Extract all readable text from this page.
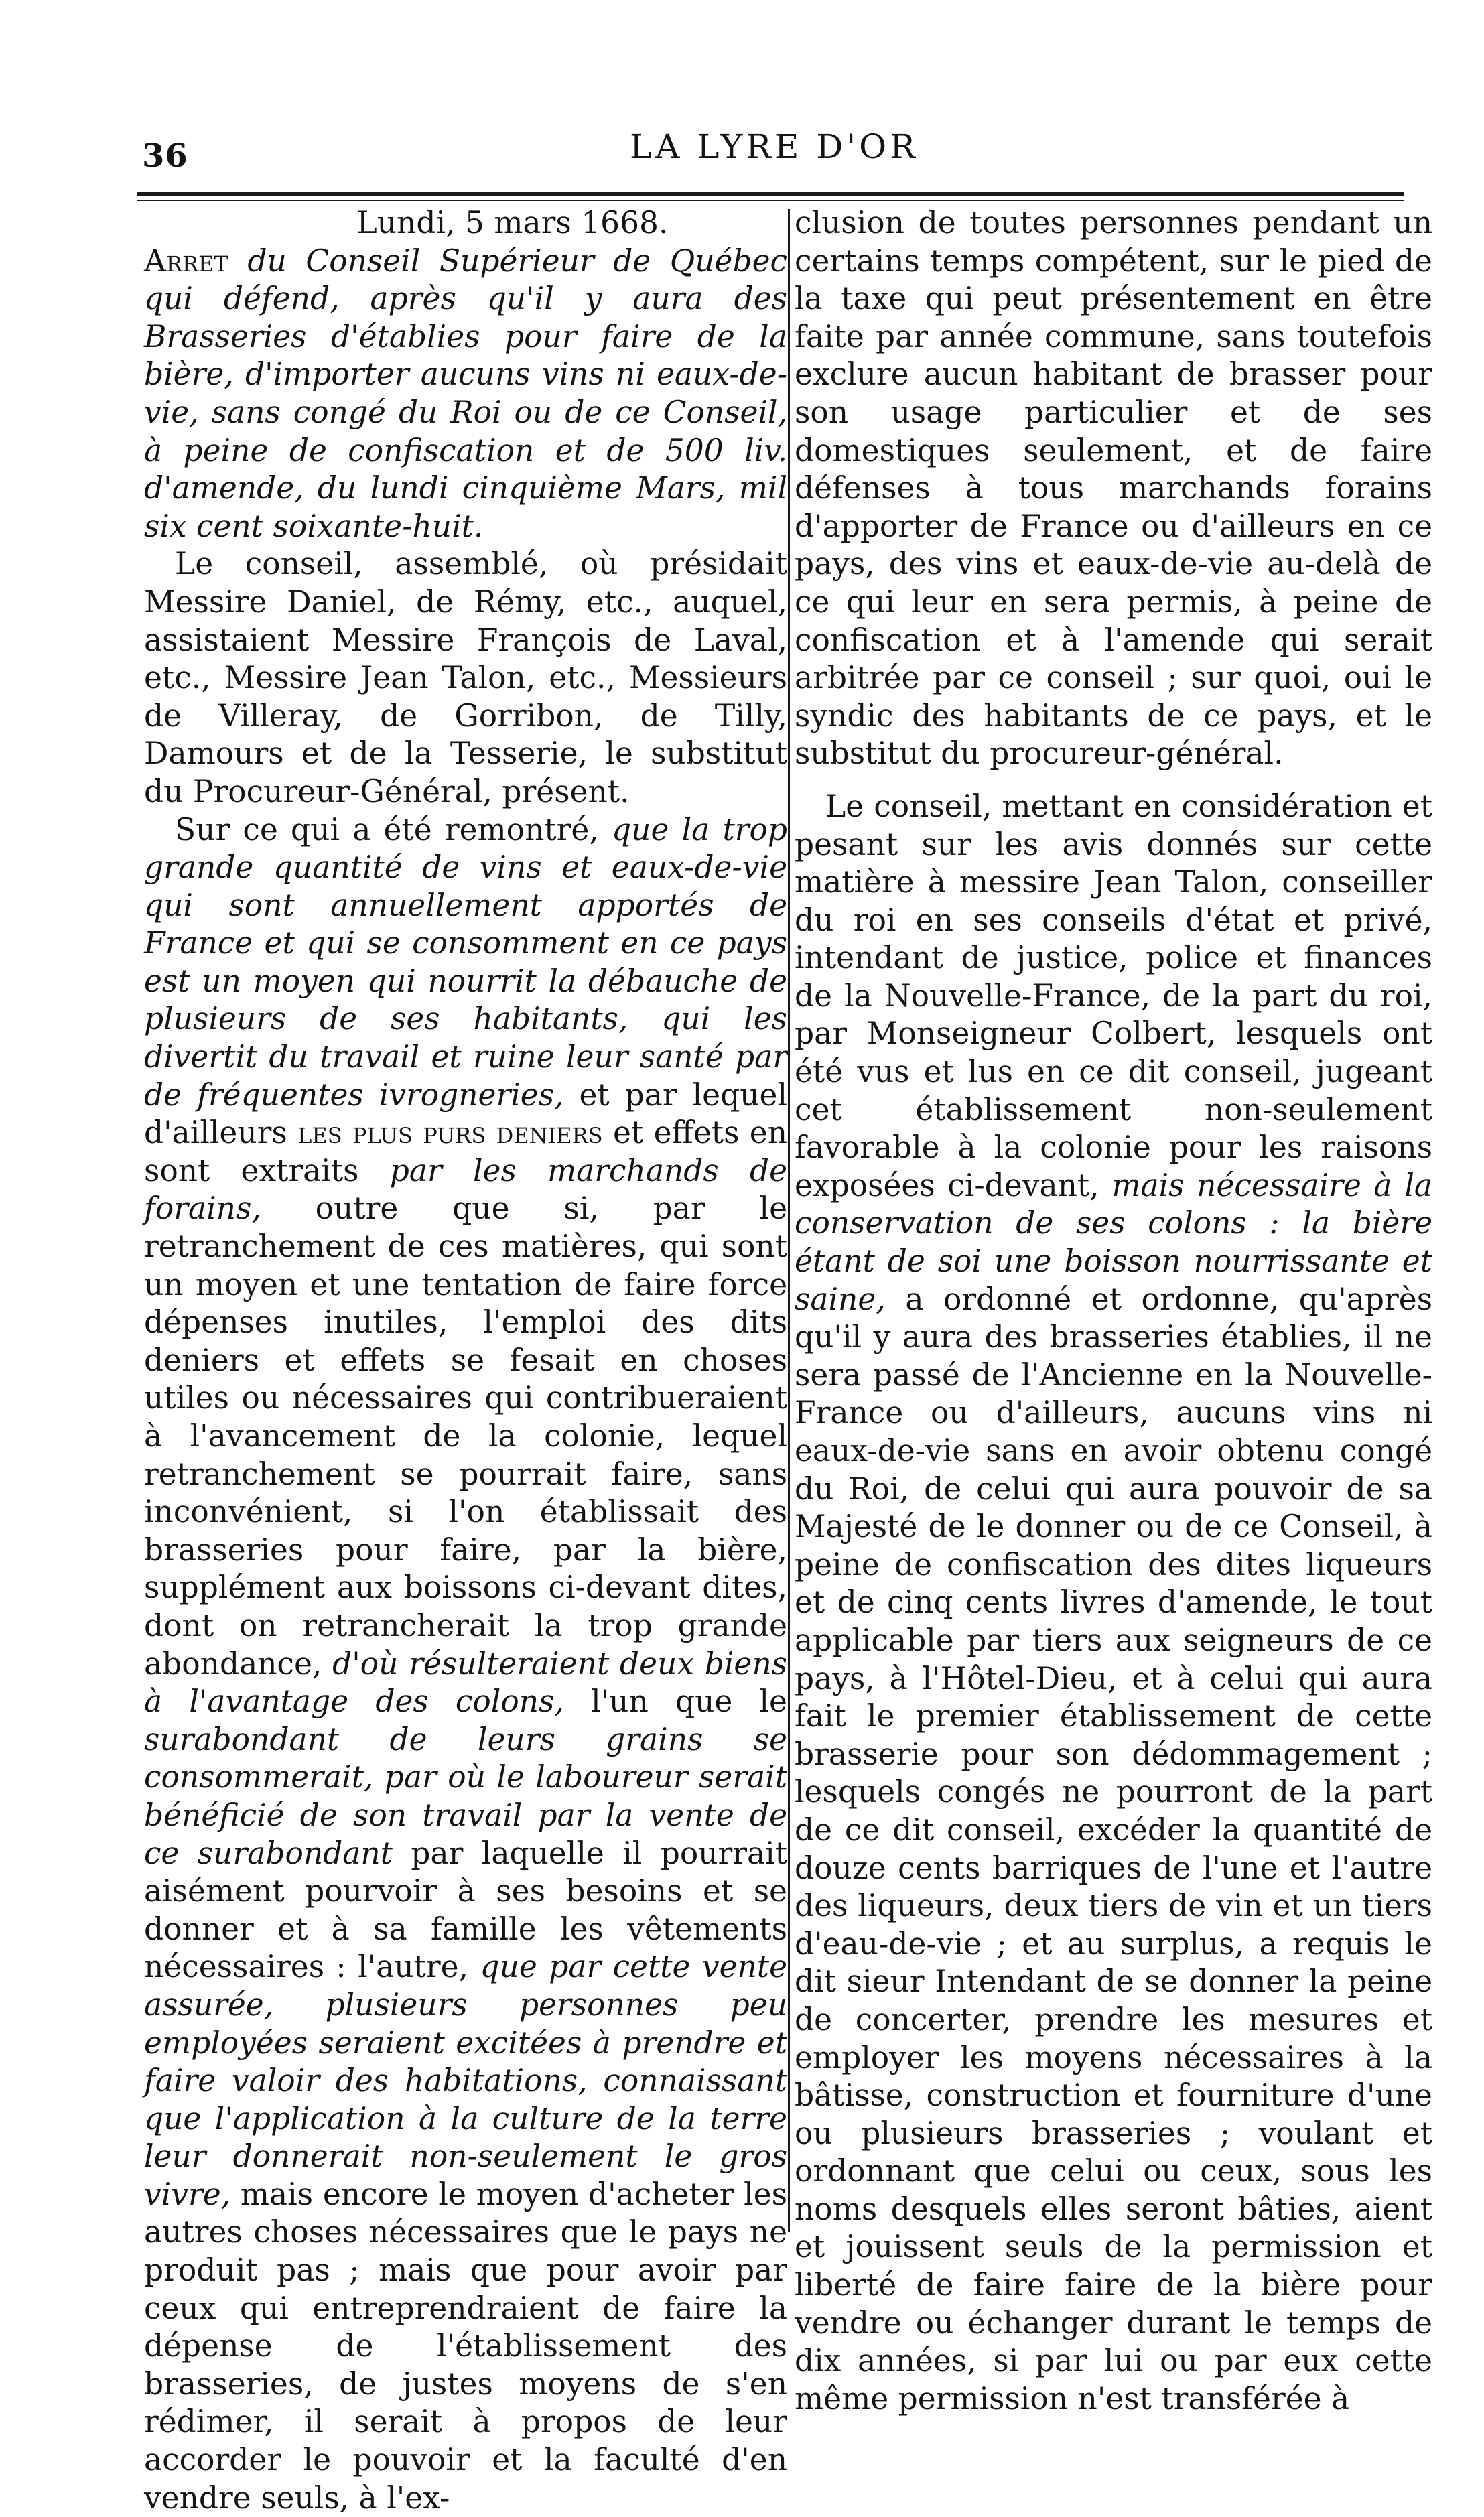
36	LA LYRE D'OR

Lundi, 5 mars 1668.

Arret du Conseil Supérieur de Québec qui défend, après qu'il y aura des Brasseries d'établies pour faire de la bière, d'importer aucuns vins ni eaux-de-vie, sans congé du Roi ou de ce Conseil, à peine de confiscation et de 500 liv. d'amende, du lundi cinquième Mars, mil six cent soixante-huit.

Le conseil, assemblé, où présidait Messire Daniel, de Rémy, etc., auquel, assistaient Messire François de Laval, etc., Messire Jean Talon, etc., Messieurs de Villeray, de Gorribon, de Tilly, Damours et de la Tesserie, le substitut du Procureur-Général, présent.

Sur ce qui a été remontré, que la trop grande quantité de vins et eaux-de-vie qui sont annuellement apportés de France et qui se consomment en ce pays est un moyen qui nourrit la débauche de plusieurs de ses habitants, qui les divertit du travail et ruine leur santé par de fréquentes ivrogneries, et par lequel d'ailleurs les plus purs deniers et effets en sont extraits par les marchands de forains, outre que si, par le retranchement de ces matières, qui sont un moyen et une tentation de faire force dépenses inutiles, l'emploi des dits deniers et effets se fesait en choses utiles ou nécessaires qui contribueraient à l'avancement de la colonie, lequel retranchement se pourrait faire, sans inconvénient, si l'on établissait des brasseries pour faire, par la bière, supplément aux boissons ci-devant dites, dont on retrancherait la trop grande abondance, d'où résulteraient deux biens à l'avantage des colons, l'un que le surabondant de leurs grains se consommerait, par où le laboureur serait bénéficié de son travail par la vente de ce surabondant par laquelle il pourrait aisément pourvoir à ses besoins et se donner et à sa famille les vêtements nécessaires : l'autre, que par cette vente assurée, plusieurs personnes peu employées seraient excitées à prendre et faire valoir des habitations, connaissant que l'application à la culture de la terre leur donnerait non-seulement le gros vivre, mais encore le moyen d'acheter les autres choses nécessaires que le pays ne produit pas ; mais que pour avoir par ceux qui entreprendraient de faire la dépense de l'établissement des brasseries, de justes moyens de s'en rédimer, il serait à propos de leur accorder le pouvoir et la faculté d'en vendre seuls, à l'ex-

clusion de toutes personnes pendant un certains temps compétent, sur le pied de la taxe qui peut présentement en être faite par année commune, sans toutefois exclure aucun habitant de brasser pour son usage particulier et de ses domestiques seulement, et de faire défenses à tous marchands forains d'apporter de France ou d'ailleurs en ce pays, des vins et eaux-de-vie au-delà de ce qui leur en sera permis, à peine de confiscation et à l'amende qui serait arbitrée par ce conseil ; sur quoi, oui le syndic des habitants de ce pays, et le substitut du procureur-général.

Le conseil, mettant en considération et pesant sur les avis donnés sur cette matière à messire Jean Talon, conseiller du roi en ses conseils d'état et privé, intendant de justice, police et finances de la Nouvelle-France, de la part du roi, par Monseigneur Colbert, lesquels ont été vus et lus en ce dit conseil, jugeant cet établissement non-seulement favorable à la colonie pour les raisons exposées ci-devant, mais nécessaire à la conservation de ses colons : la bière étant de soi une boisson nourrissante et saine, a ordonné et ordonne, qu'après qu'il y aura des brasseries établies, il ne sera passé de l'Ancienne en la Nouvelle-France ou d'ailleurs, aucuns vins ni eaux-de-vie sans en avoir obtenu congé du Roi, de celui qui aura pouvoir de sa Majesté de le donner ou de ce Conseil, à peine de confiscation des dites liqueurs et de cinq cents livres d'amende, le tout applicable par tiers aux seigneurs de ce pays, à l'Hôtel-Dieu, et à celui qui aura fait le premier établissement de cette brasserie pour son dédommagement ; lesquels congés ne pourront de la part de ce dit conseil, excéder la quantité de douze cents barriques de l'une et l'autre des liqueurs, deux tiers de vin et un tiers d'eau-de-vie ; et au surplus, a requis le dit sieur Intendant de se donner la peine de concerter, prendre les mesures et employer les moyens nécessaires à la bâtisse, construction et fourniture d'une ou plusieurs brasseries ; voulant et ordonnant que celui ou ceux, sous les noms desquels elles seront bâties, aient et jouissent seuls de la permission et liberté de faire faire de la bière pour vendre ou échanger durant le temps de dix années, si par lui ou par eux cette même permission n'est transférée à
